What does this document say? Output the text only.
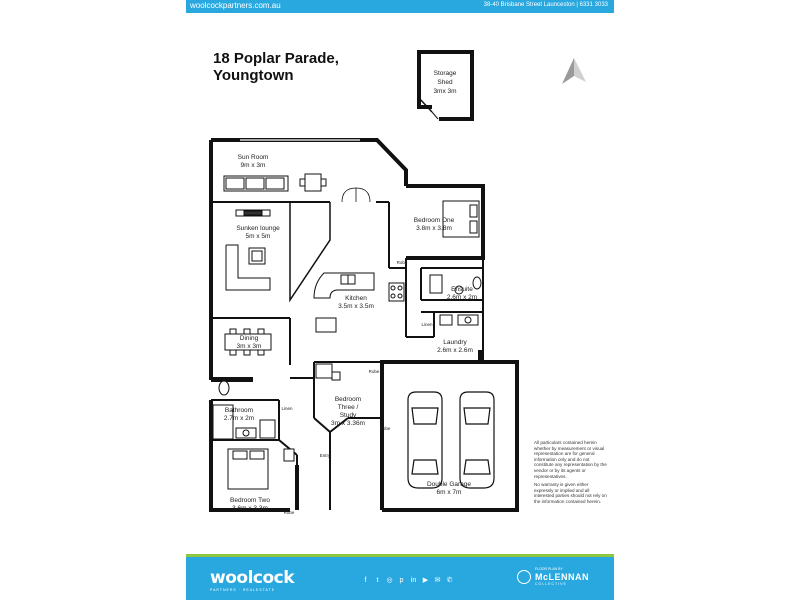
woolcockpartners.com.au	38-40 Brisbane Street Launceston | 6331 3033
18 Poplar Parade,
Youngtown	Storage
Shed
3mx 3m
Sun Room
9m x 3m
Sunken lounge
5m x 5m
Bedroom One
3.8m x 3.8m
Kitchen
3.5m x 3.5m
Ensuite
2.6m x 2m
Laundry
2.6m x 2.6m
Dining
3m x 3m
Bathroom
2.7m x 2m
Bedroom
Three /
Study
3m x 3.36m
Bedroom Two
3.6m x 3.3m
Double Garage
6m x 7m
Robe
Robe
Robe
Robe
Linen
Linen
Entry

All particulars contained herein whether by measurement or visual representation are for general information only and do not constitute any representation by the vendor or by its agents or representatives.

No warranty is given either expressly or implied and all interested parties should not rely on the information contained herein.

woolcock
PARTNERS · REALESTATE
f	t	◎ p in ▶ ✉ ✆
FLOOR PLAN BY
McLENNAN
COLLECTIVE
